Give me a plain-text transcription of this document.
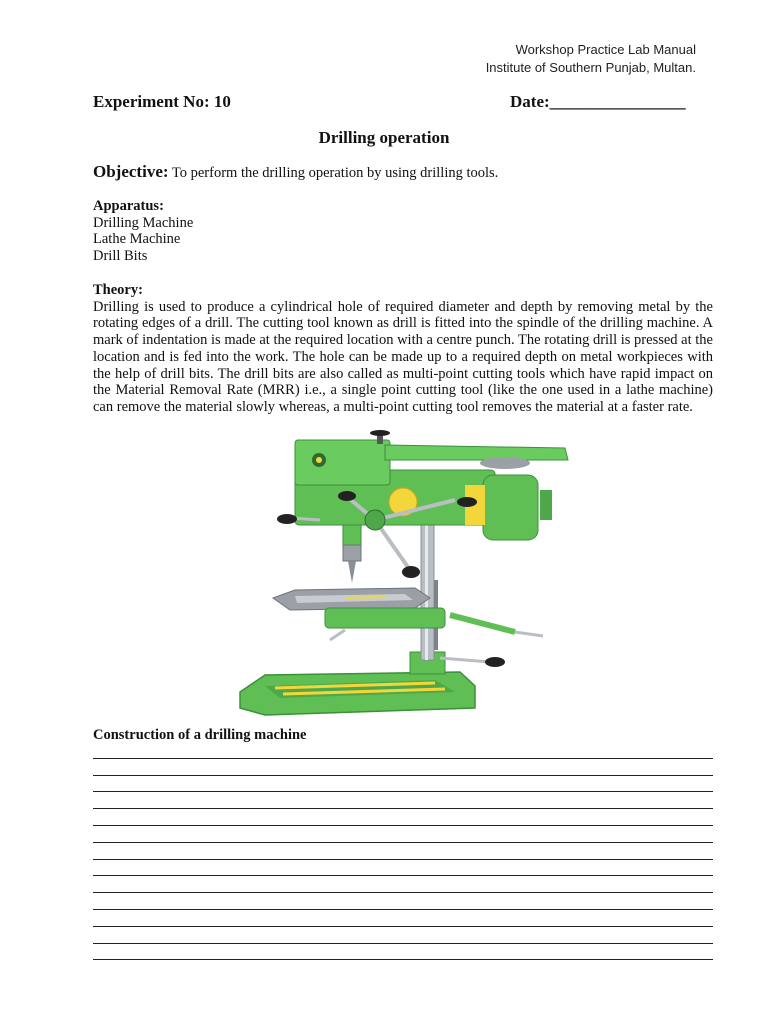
Workshop Practice Lab Manual
Institute of Southern Punjab, Multan.
Experiment No: 10	Date:________________
Drilling operation
Objective: To perform the drilling operation by using drilling tools.
Apparatus:
Drilling Machine
Lathe Machine
Drill Bits
Theory:

Drilling is used to produce a cylindrical hole of required diameter and depth by removing metal by the rotating edges of a drill. The cutting tool known as drill is fitted into the spindle of the drilling machine. A mark of indentation is made at the required location with a centre punch. The rotating drill is pressed at the location and is fed into the work. The hole can be made up to a required depth on metal workpieces with the help of drill bits. The drill bits are also called as multi-point cutting tools which have rapid impact on the Material Removal Rate (MRR) i.e., a single point cutting tool (like the one used in a lathe machine) can remove the material slowly whereas, a multi-point cutting tool removes the material at a faster rate.

Construction of a drilling machine
